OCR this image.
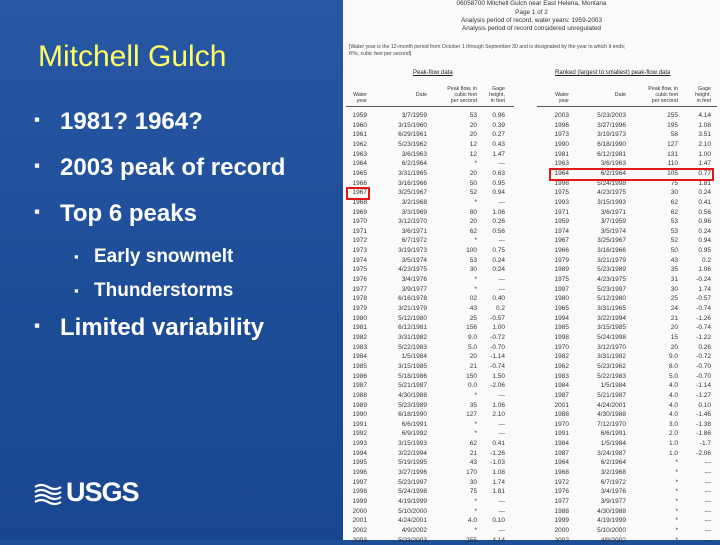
Mitchell Gulch
▪ 1981? 1964?
▪ 2003 peak of record
▪ Top 6 peaks
▪ Early snowmelt
▪ Thunderstorms
▪ Limited variability
USGS
06058700 Mitchell Gulch near East Helena, Montana
Page 1 of 2
Analysis period of record, water years: 1959-2003
Analysis period of record considered unregulated
[Water year is the 12-month period from October 1 through September 30 and is designated by the year in which it ends;
ft³/s, cubic feet per second]
Peak-flow data	Ranked (largest to smallest) peak-flow data
Water
year
Date
Peak flow, in
cubic feet
per second
Gage
height,
in feet
Water
year
Date
Peak flow, in
cubic feet
per second
Gage
height,
in feet
1959	3/7/1959	53	0.96
1960	3/15/1960	20	0.39
1961	6/29/1961	20	0.27
1962	5/23/1962	12	0.43
1963	3/6/1963	12	1.47
1964	6/2/1964	*	---
1965	3/31/1965	20	0.63
1966	3/16/1966	50	0.95
1967	3/25/1967	52	0.94
1968	3/2/1968	*	---
1969	3/3/1969	80	1.06
1970	3/12/1970	20	0.26
1971	3/6/1971	62	0.56
1972	6/7/1972	*	---
1973	3/19/1973	100	0.75
1974	3/5/1974	53	0.24
1975	4/23/1975	30	0.24
1976	3/4/1976	*	---
1977	3/9/1977	*	---
1978	6/16/1978	02	0.40
1979	3/21/1979	43	0.2
1980	5/12/1980	25	-0.57
1981	6/12/1981	156	1.00
1982	3/31/1982	9.0	-0.72
1983	5/22/1983	5.0	-0.70
1984	1/5/1984	20	-1.14
1985	3/15/1985	21	-0.74
1986	5/18/1986	150	1.50
1987	5/21/1987	0.0	-2.06
1988	4/30/1988	*	---
1989	5/23/1989	35	1.06
1990	6/18/1990	127	2.10
1991	6/6/1991	*	---
1992	6/9/1992	*	---
1993	3/15/1993	62	0.41
1994	3/22/1994	21	-1.26
1995	5/19/1995	43	-1.03
1996	3/27/1996	170	1.08
1997	5/23/1997	30	1.74
1998	5/24/1998	75	1.81
1999	4/19/1999	*	---
2000	5/10/2000	*	---
2001	4/24/2001	4.0	0.10
2002	4/9/2002	*	---
2003	5/23/2003	255	4.14
2003	5/23/2003	255	4.14
1996	3/27/1996	195	1.08
1973	3/19/1973	58	3.51
1990	6/18/1990	127	2.10
1981	6/12/1981	131	1.00
1963	3/6/1963	110	1.47
1964	6/2/1964	105	0.77
1998	5/24/1998	75	1.81
1975	4/23/1975	30	0.24
1993	3/15/1993	62	0.41
1971	3/6/1971	62	0.56
1959	3/7/1959	53	0.96
1974	3/5/1974	53	0.24
1967	3/25/1967	52	0.94
1966	3/16/1966	50	0.95
1979	3/21/1979	43	0.2
1989	5/23/1989	35	1.06
1975	4/23/1975	31	-0.24
1997	5/23/1997	30	1.74
1980	5/12/1980	25	-0.57
1965	3/31/1965	24	-0.74
1994	3/22/1994	21	-1.26
1985	3/15/1985	20	-0.74
1998	5/24/1998	15	-1.22
1970	3/12/1970	20	0.26
1982	3/31/1982	9.0	-0.72
1962	5/23/1962	8.0	-0.70
1983	5/22/1983	5.0	-0.70
1984	1/5/1984	4.0	-1.14
1987	5/21/1987	4.0	-1.27
2001	4/24/2001	4.0	0.10
1988	4/30/1988	4.0	-1.46
1970	7/12/1970	3.0	-1.38
1991	6/6/1991	2.0	-1.86
1984	1/5/1984	1.0	-1.7
1987	3/24/1987	1.0	-2.06
1964	6/2/1964	*	---
1968	3/2/1968	*	---
1972	6/7/1972	*	---
1976	3/4/1976	*	---
1977	3/9/1977	*	---
1988	4/30/1988	*	---
1999	4/19/1999	*	---
2000	5/10/2000	*	---
2002	4/9/2002	*	---
